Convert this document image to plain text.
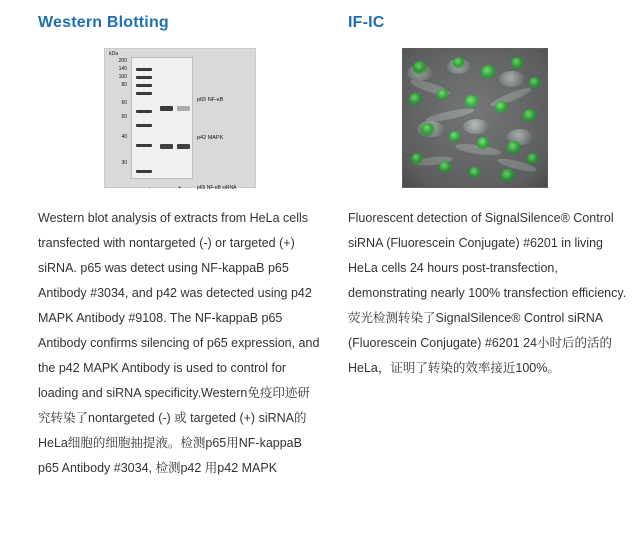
Western Blotting
kDa
200
140
100
80
60
50
40
30
p65 NF-κB
p42 MAPK
-	+	p65 NF-κB siRNA

Western blot analysis of extracts from HeLa cells transfected with nontargeted (-) or targeted (+) siRNA. p65 was detect using NF-kappaB p65 Antibody #3034, and p42 was detected using p42 MAPK Antibody #9108. The NF-kappaB p65 Antibody confirms silencing of p65 expression, and the p42 MAPK Antibody is used to control for loading and siRNA specificity.Western免疫印迹研究转染了nontargeted (-) 或 targeted (+) siRNA的HeLa细胞的细胞抽提液。检测p65用NF-kappaB p65 Antibody #3034, 检测p42 用p42 MAPK

IF-IC

Fluorescent detection of SignalSilence® Control siRNA (Fluorescein Conjugate) #6201 in living HeLa cells 24 hours post-transfection, demonstrating nearly 100% transfection efficiency.荧光检测转染了SignalSilence® Control siRNA (Fluorescein Conjugate) #6201 24小时后的活的HeLa，证明了转染的效率接近100%。
